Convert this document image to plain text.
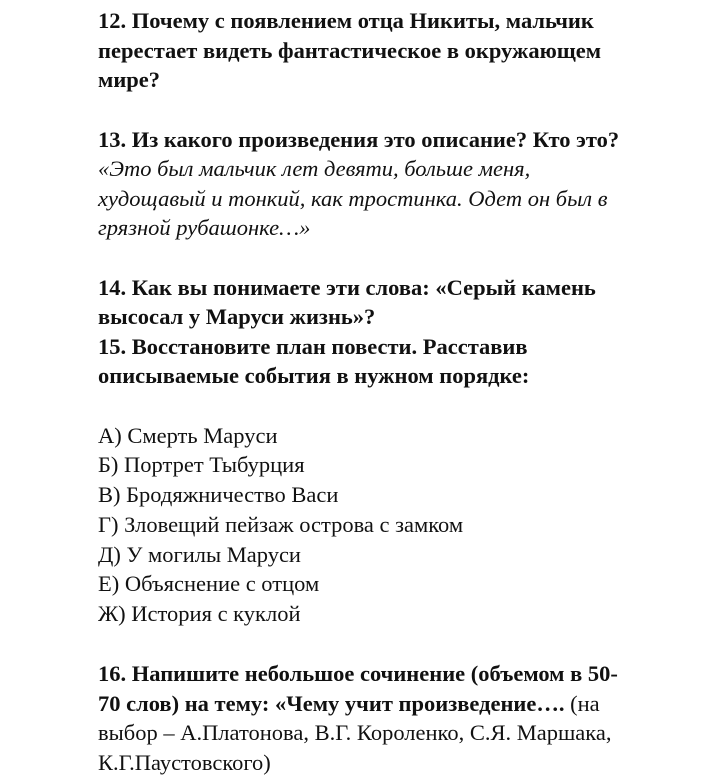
12. Почему с появлением отца Никиты, мальчик

перестает видеть фантастическое в окружающем

мире?

13. Из какого произведения это описание? Кто это?

«Это был мальчик лет девяти, больше меня,

худощавый и тонкий, как тростинка. Одет он был в

грязной рубашонке…»

14. Как вы понимаете эти слова: «Серый камень

высосал у Маруси жизнь»?

15. Восстановите план повести. Расставив

описываемые события в нужном порядке:

А) Смерть Маруси

Б) Портрет Тыбурция

В) Бродяжничество Васи

Г) Зловещий пейзаж острова с замком

Д) У могилы Маруси

Е) Объяснение с отцом

Ж) История с куклой

16. Напишите небольшое сочинение (объемом в 50-

70 слов) на тему: «Чему учит произведение…. (на

выбор – А.Платонова, В.Г. Короленко, С.Я. Маршака,

К.Г.Паустовского)
